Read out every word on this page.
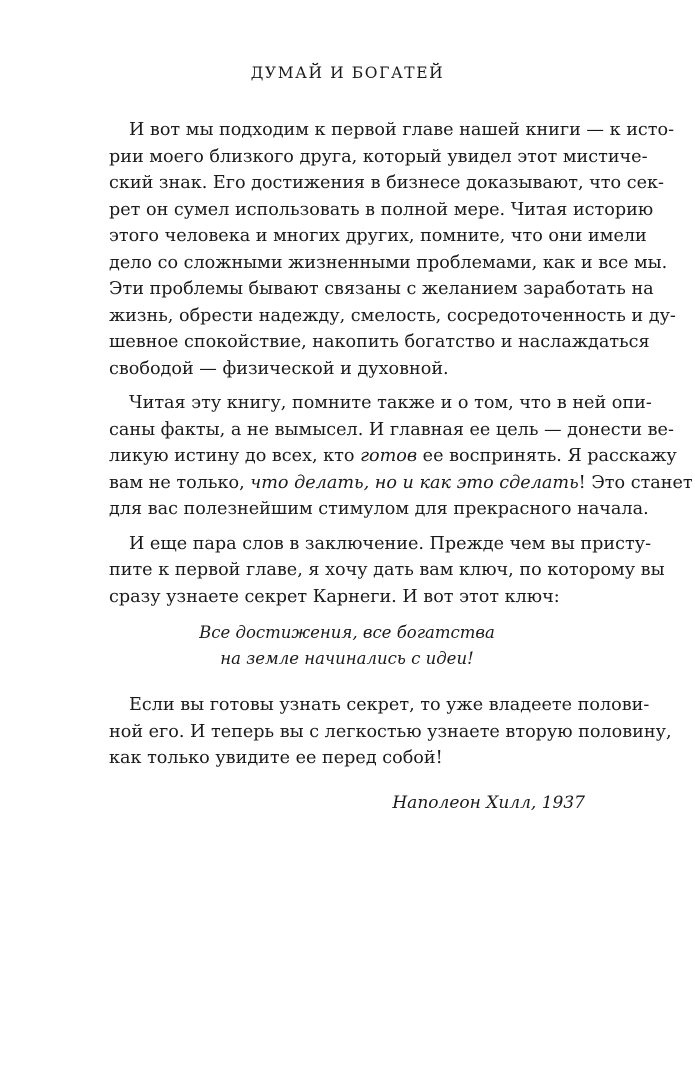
ДУМАЙ И БОГАТЕЙ
И вот мы подходим к первой главе нашей книги — к исто-
рии моего близкого друга, который увидел этот мистиче-
ский знак. Его достижения в бизнесе доказывают, что сек-
рет он сумел использовать в полной мере. Читая историю
этого человека и многих других, помните, что они имели
дело со сложными жизненными проблемами, как и все мы.
Эти проблемы бывают связаны с желанием заработать на
жизнь, обрести надежду, смелость, сосредоточенность и ду-
шевное спокойствие, накопить богатство и наслаждаться
свободой — физической и духовной.
Читая эту книгу, помните также и о том, что в ней опи-
саны факты, а не вымысел. И главная ее цель — донести ве-
ликую истину до всех, кто готов ее воспринять. Я расскажу
вам не только, что делать, но и как это сделать! Это станет
для вас полезнейшим стимулом для прекрасного начала.
И еще пара слов в заключение. Прежде чем вы присту-
пите к первой главе, я хочу дать вам ключ, по которому вы
сразу узнаете секрет Карнеги. И вот этот ключ:
Все достижения, все богатства
на земле начинались с идеи!
Если вы готовы узнать секрет, то уже владеете полови-
ной его. И теперь вы с легкостью узнаете вторую половину,
как только увидите ее перед собой!
Наполеон Хилл, 1937
